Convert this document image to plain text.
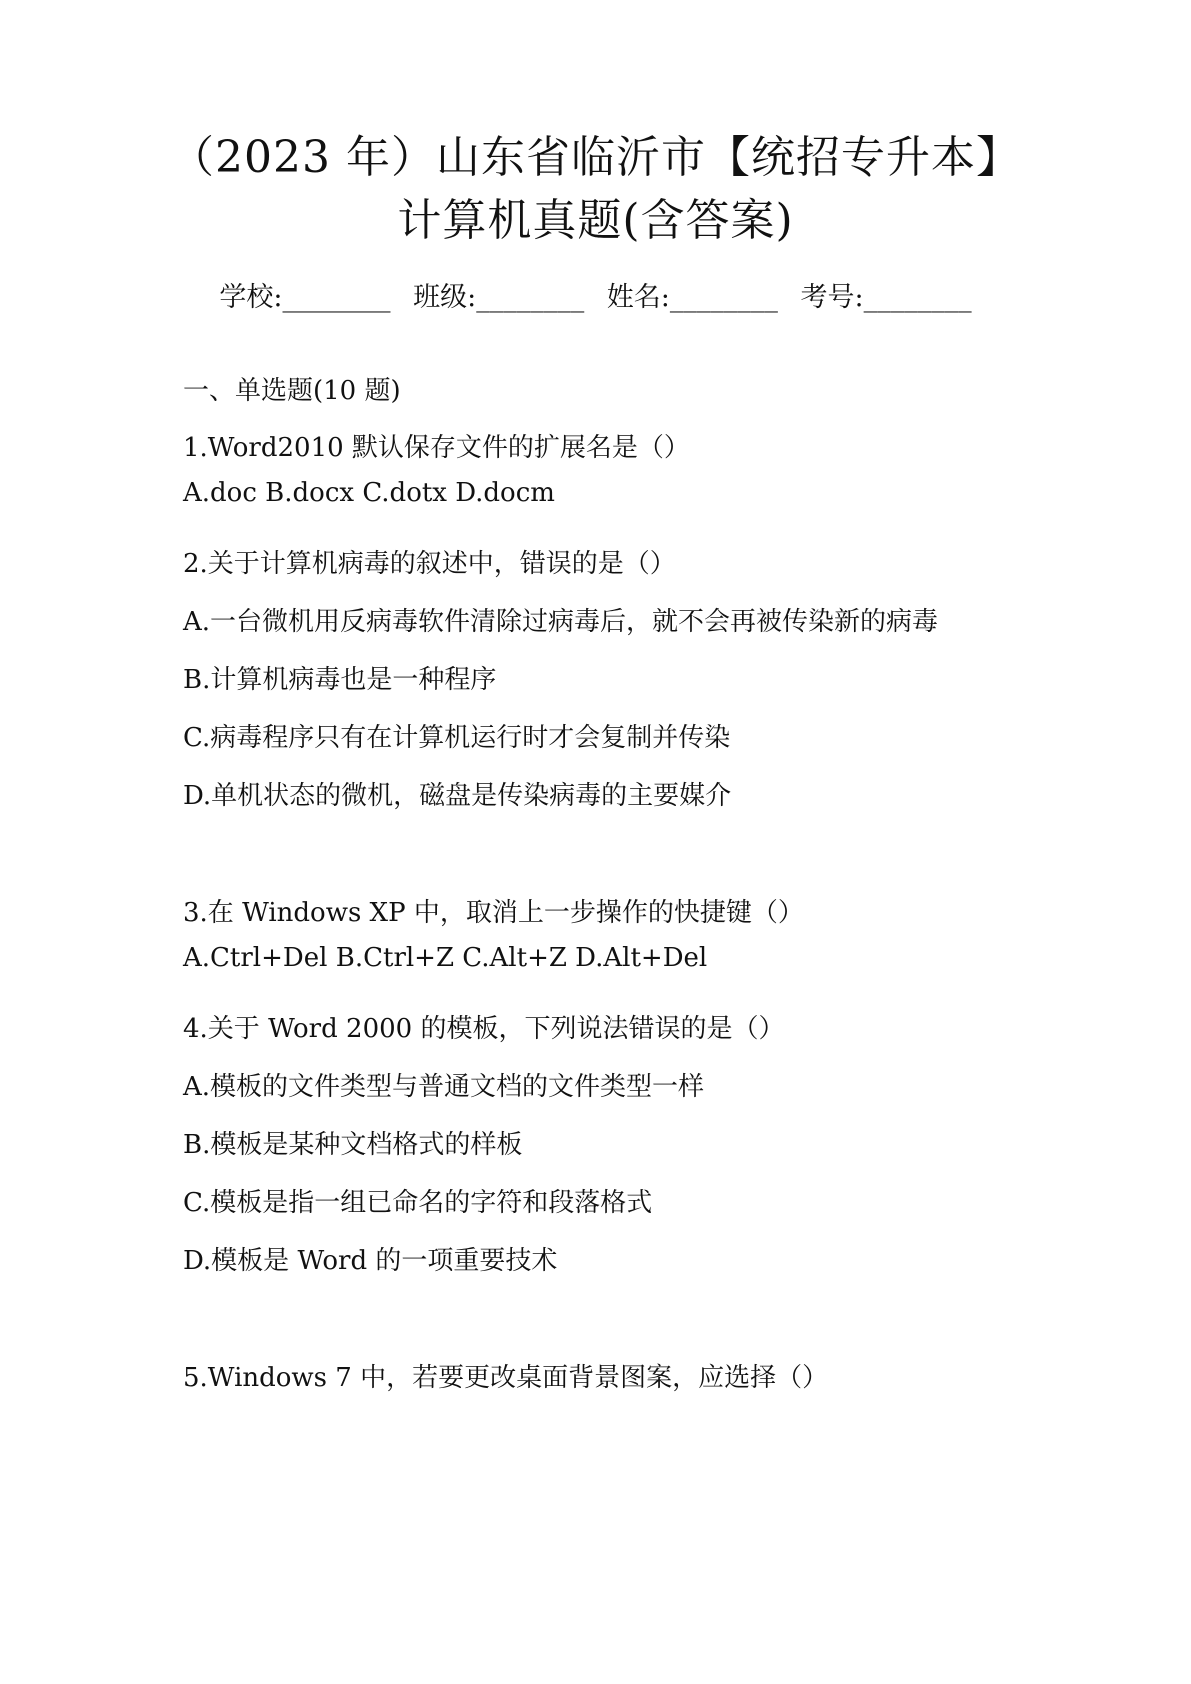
（2023 年）山东省临沂市【统招专升本】
计算机真题(含答案)
学校:________ 班级:________ 姓名:________ 考号:________

一、单选题(10 题)

1.Word2010 默认保存文件的扩展名是（）

A.doc B.docx C.dotx D.docm

2.关于计算机病毒的叙述中，错误的是（）

A.一台微机用反病毒软件清除过病毒后，就不会再被传染新的病毒

B.计算机病毒也是一种程序

C.病毒程序只有在计算机运行时才会复制并传染

D.单机状态的微机，磁盘是传染病毒的主要媒介

3.在 Windows XP 中，取消上一步操作的快捷键（）

A.Ctrl+Del B.Ctrl+Z C.Alt+Z D.Alt+Del

4.关于 Word 2000 的模板，下列说法错误的是（）

A.模板的文件类型与普通文档的文件类型一样

B.模板是某种文档格式的样板

C.模板是指一组已命名的字符和段落格式

D.模板是 Word 的一项重要技术

5.Windows 7 中，若要更改桌面背景图案，应选择（）
